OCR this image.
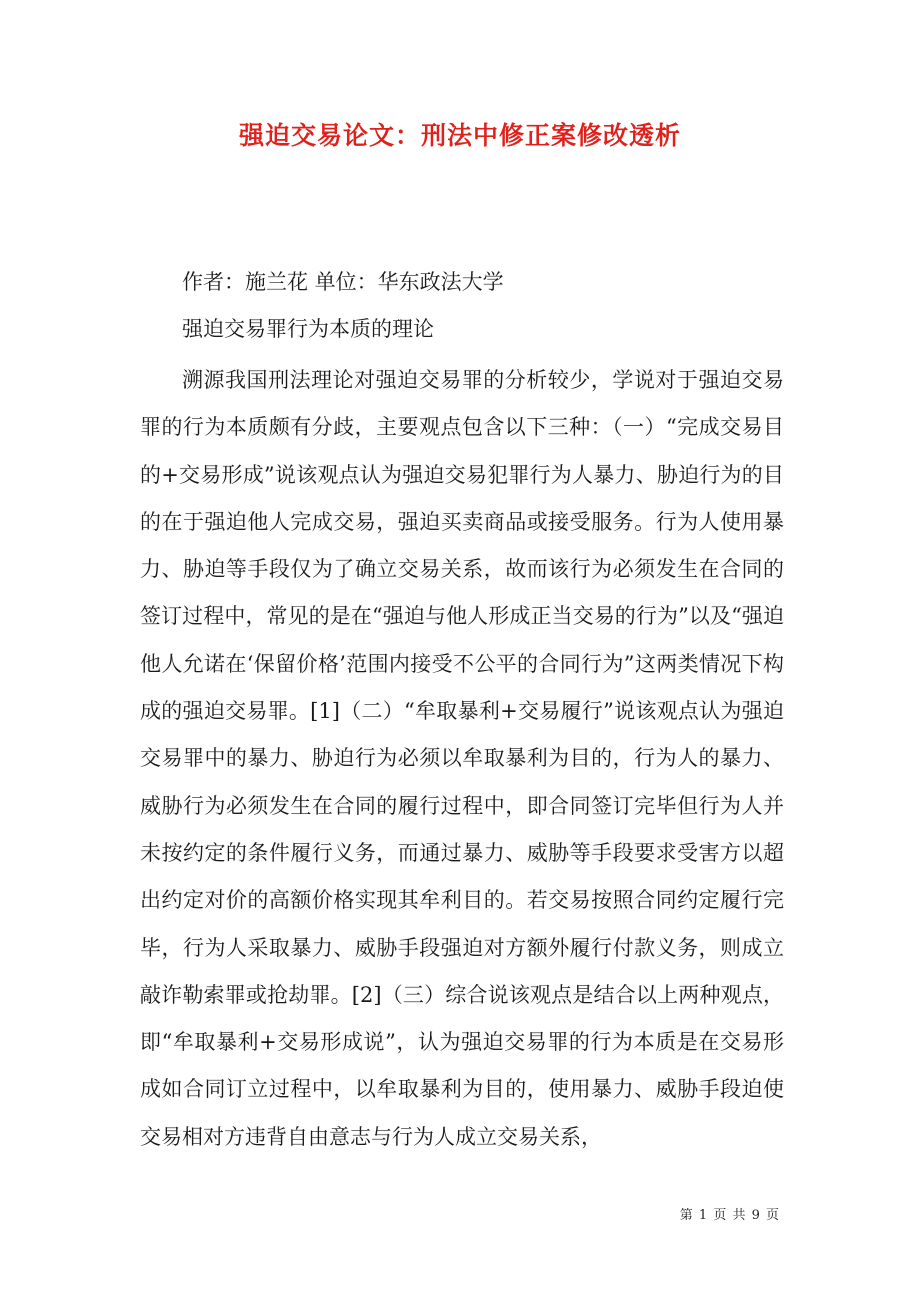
强迫交易论文：刑法中修正案修改透析

作者：施兰花 单位：华东政法大学

强迫交易罪行为本质的理论

溯源我国刑法理论对强迫交易罪的分析较少，学说对于强迫交易罪的行为本质颇有分歧，主要观点包含以下三种：（一）“完成交易目的+交易形成”说该观点认为强迫交易犯罪行为人暴力、胁迫行为的目的在于强迫他人完成交易，强迫买卖商品或接受服务。行为人使用暴力、胁迫等手段仅为了确立交易关系，故而该行为必须发生在合同的签订过程中，常见的是在“强迫与他人形成正当交易的行为”以及“强迫他人允诺在‘保留价格’范围内接受不公平的合同行为”这两类情况下构成的强迫交易罪。[1]（二）“牟取暴利+交易履行”说该观点认为强迫交易罪中的暴力、胁迫行为必须以牟取暴利为目的，行为人的暴力、威胁行为必须发生在合同的履行过程中，即合同签订完毕但行为人并未按约定的条件履行义务，而通过暴力、威胁等手段要求受害方以超出约定对价的高额价格实现其牟利目的。若交易按照合同约定履行完毕，行为人采取暴力、威胁手段强迫对方额外履行付款义务，则成立敲诈勒索罪或抢劫罪。[2]（三）综合说该观点是结合以上两种观点，即“牟取暴利+交易形成说”，认为强迫交易罪的行为本质是在交易形成如合同订立过程中，以牟取暴利为目的，使用暴力、威胁手段迫使交易相对方违背自由意志与行为人成立交易关系，

第 1 页 共 9 页
